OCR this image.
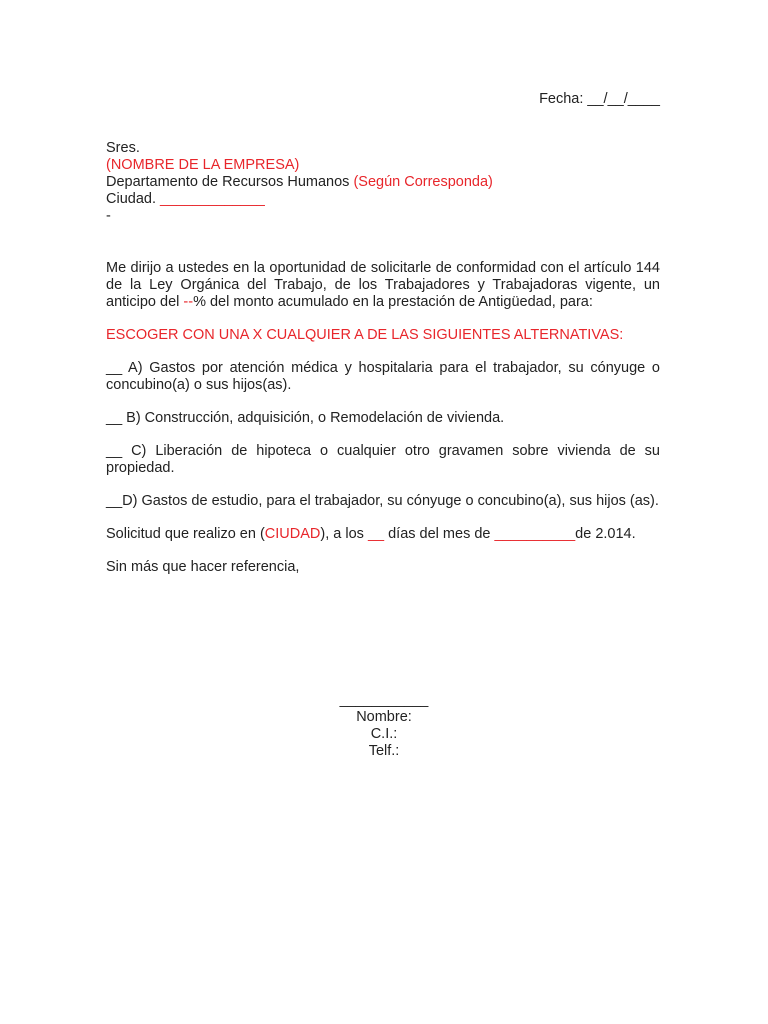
Fecha: __/__/____
Sres.
(NOMBRE DE LA EMPRESA)
Departamento de Recursos Humanos (Según Corresponda)
Ciudad. _____________
-

Me dirijo a ustedes en la oportunidad de solicitarle de conformidad con el artículo 144 de la Ley Orgánica del Trabajo, de los Trabajadores y Trabajadoras vigente, un anticipo del --% del monto acumulado en la prestación de Antigüedad, para:

ESCOGER CON UNA X CUALQUIER A DE LAS SIGUIENTES ALTERNATIVAS:

__ A) Gastos por atención médica y hospitalaria para el trabajador, su cónyuge o concubino(a) o sus hijos(as).

__ B) Construcción, adquisición, o Remodelación de vivienda.

__ C) Liberación de hipoteca o cualquier otro gravamen sobre vivienda de su propiedad.

__D) Gastos de estudio, para el trabajador, su cónyuge o concubino(a), sus hijos (as).

Solicitud que realizo en (CIUDAD), a los __ días del mes de __________de 2.014.

Sin más que hacer referencia,

___________
Nombre:
C.I.:
Telf.:
